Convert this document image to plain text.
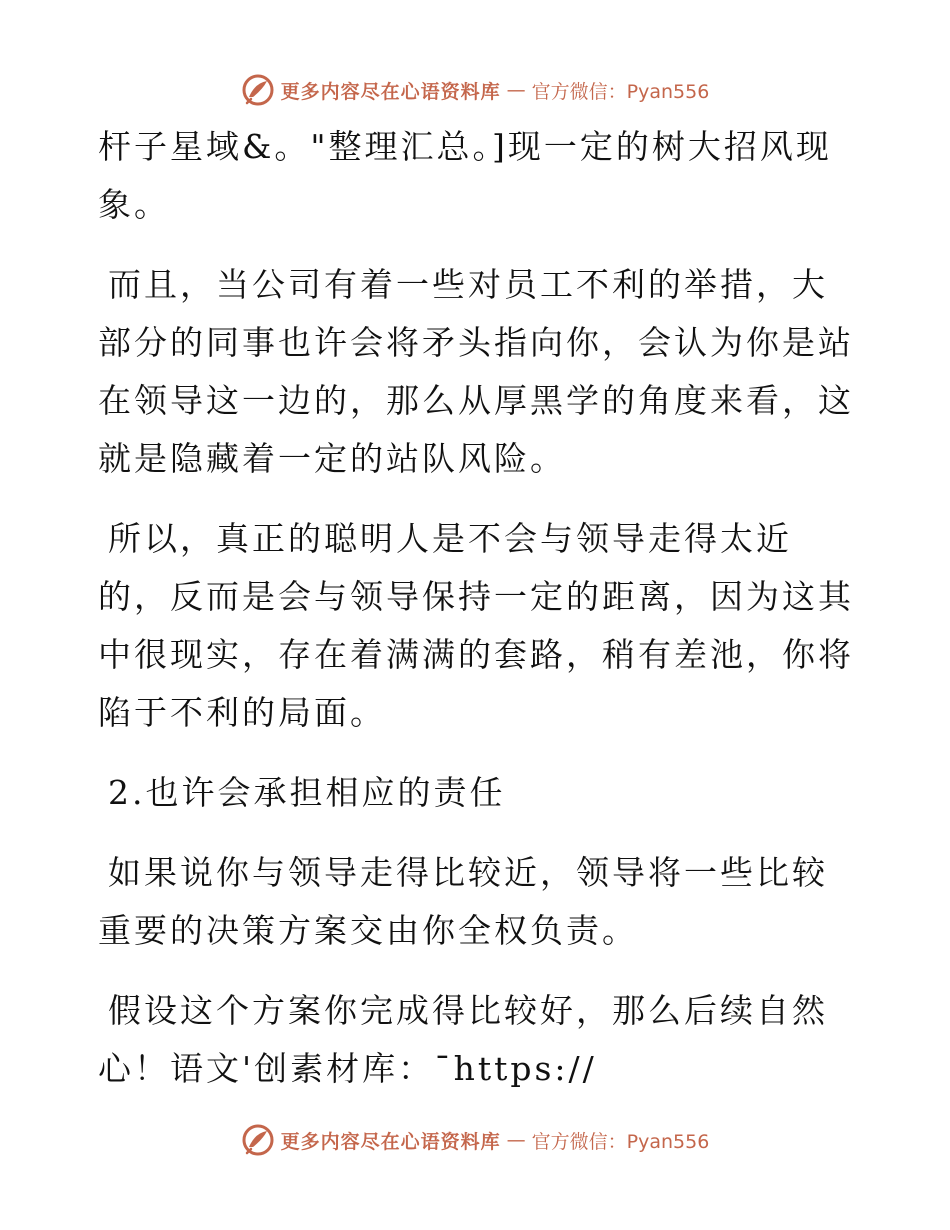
更多内容尽在心语资料库 — 官方微信：Pyan556

杆子星域&。"整理汇总。]现一定的树大招风现象。

而且，当公司有着一些对员工不利的举措，大部分的同事也许会将矛头指向你，会认为你是站在领导这一边的，那么从厚黑学的角度来看，这就是隐藏着一定的站队风险。

所以，真正的聪明人是不会与领导走得太近的，反而是会与领导保持一定的距离，因为这其中很现实，存在着满满的套路，稍有差池，你将陷于不利的局面。

2.也许会承担相应的责任

如果说你与领导走得比较近，领导将一些比较重要的决策方案交由你全权负责。

假设这个方案你完成得比较好，那么后续自然

心！语文'创素材库：¯https://

更多内容尽在心语资料库 — 官方微信：Pyan556
